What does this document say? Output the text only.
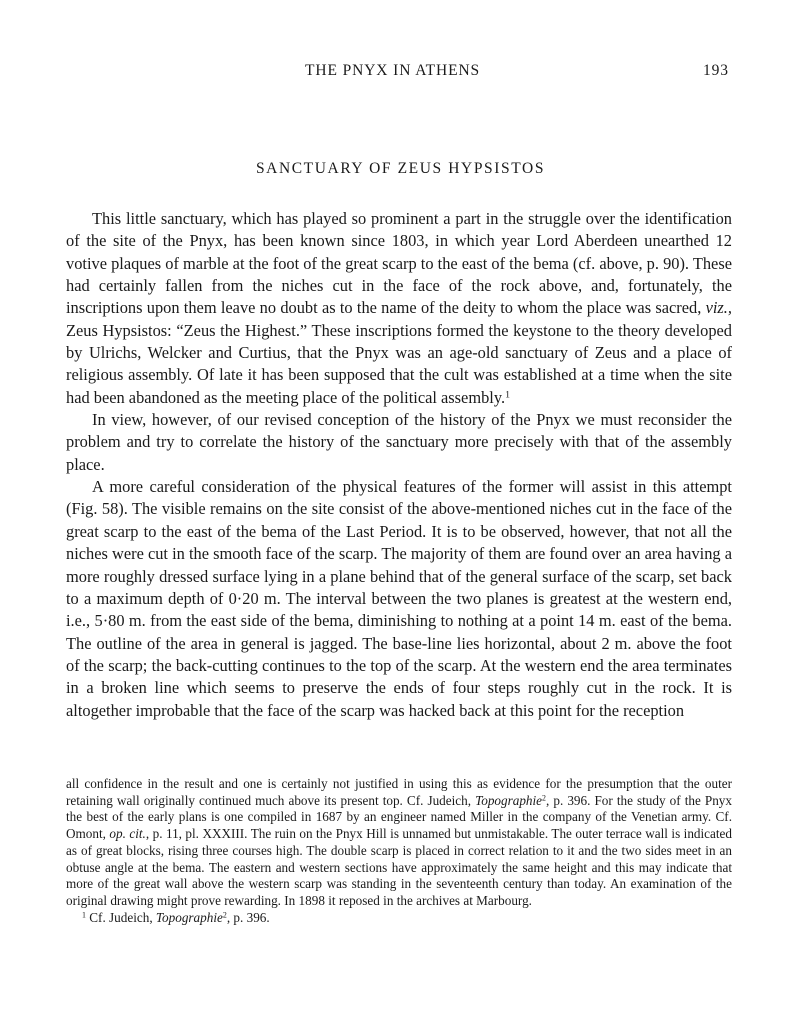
THE PNYX IN ATHENS	193
SANCTUARY OF ZEUS HYPSISTOS

This little sanctuary, which has played so prominent a part in the struggle over the identification of the site of the Pnyx, has been known since 1803, in which year Lord Aberdeen unearthed 12 votive plaques of marble at the foot of the great scarp to the east of the bema (cf. above, p. 90). These had certainly fallen from the niches cut in the face of the rock above, and, fortunately, the inscriptions upon them leave no doubt as to the name of the deity to whom the place was sacred, viz., Zeus Hypsistos: “Zeus the Highest.” These inscriptions formed the keystone to the theory developed by Ulrichs, Welcker and Curtius, that the Pnyx was an age-old sanctuary of Zeus and a place of religious assembly. Of late it has been supposed that the cult was established at a time when the site had been abandoned as the meeting place of the political assembly.$^1$

In view, however, of our revised conception of the history of the Pnyx we must reconsider the problem and try to correlate the history of the sanctuary more precisely with that of the assembly place.

A more careful consideration of the physical features of the former will assist in this attempt (Fig. 58). The visible remains on the site consist of the above-mentioned niches cut in the face of the great scarp to the east of the bema of the Last Period. It is to be observed, however, that not all the niches were cut in the smooth face of the scarp. The majority of them are found over an area having a more roughly dressed surface lying in a plane behind that of the general surface of the scarp, set back to a maximum depth of 0·20 m. The interval between the two planes is greatest at the western end, i.e., 5·80 m. from the east side of the bema, diminishing to nothing at a point 14 m. east of the bema. The outline of the area in general is jagged. The base-line lies horizontal, about 2 m. above the foot of the scarp; the back-cutting continues to the top of the scarp. At the western end the area terminates in a broken line which seems to preserve the ends of four steps roughly cut in the rock. It is altogether improbable that the face of the scarp was hacked back at this point for the reception

all confidence in the result and one is certainly not justified in using this as evidence for the presumption that the outer retaining wall originally continued much above its present top. Cf. Judeich, Topographie$^2$, p. 396. For the study of the Pnyx the best of the early plans is one compiled in 1687 by an engineer named Miller in the company of the Venetian army. Cf. Omont, op. cit., p. 11, pl. XXXIII. The ruin on the Pnyx Hill is unnamed but unmistakable. The outer terrace wall is indicated as of great blocks, rising three courses high. The double scarp is placed in correct relation to it and the two sides meet in an obtuse angle at the bema. The eastern and western sections have approximately the same height and this may indicate that more of the great wall above the western scarp was standing in the seventeenth century than today. An examination of the original drawing might prove rewarding. In 1898 it reposed in the archives at Marbourg.

$^1$ Cf. Judeich, Topographie$^2$, p. 396.
